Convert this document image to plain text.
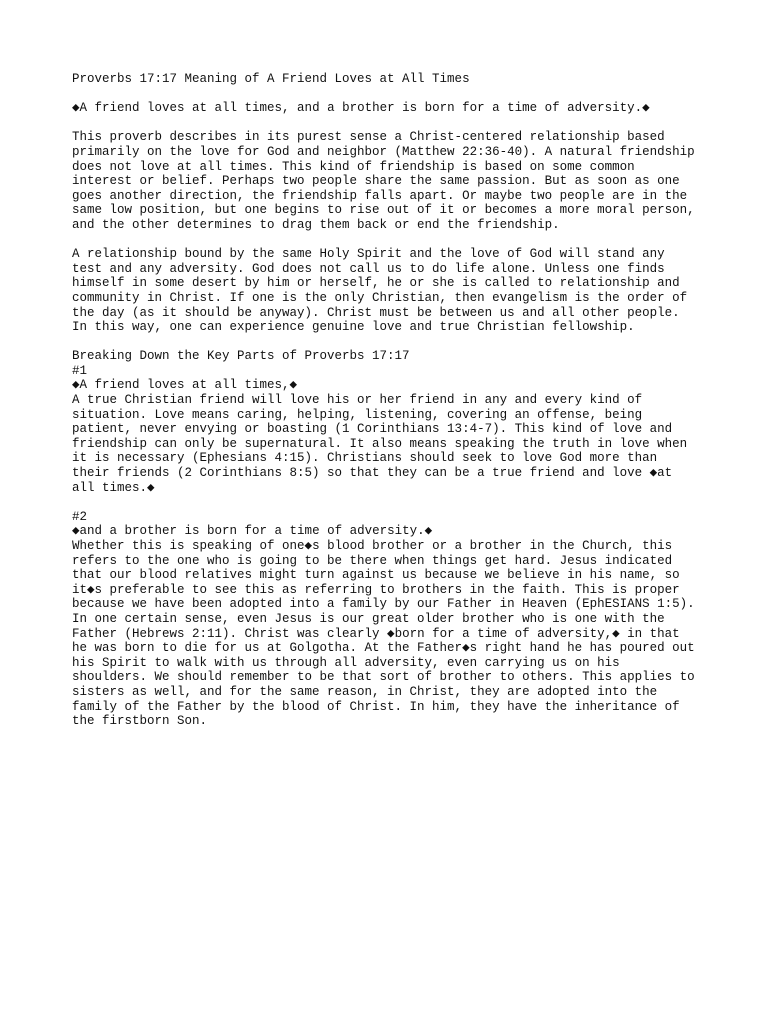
Proverbs 17:17 Meaning of A Friend Loves at All Times
◆A friend loves at all times, and a brother is born for a time of adversity.◆
This proverb describes in its purest sense a Christ-centered relationship based
primarily on the love for God and neighbor (Matthew 22:36-40). A natural friendship
does not love at all times. This kind of friendship is based on some common
interest or belief. Perhaps two people share the same passion. But as soon as one
goes another direction, the friendship falls apart. Or maybe two people are in the
same low position, but one begins to rise out of it or becomes a more moral person,
and the other determines to drag them back or end the friendship.
A relationship bound by the same Holy Spirit and the love of God will stand any
test and any adversity. God does not call us to do life alone. Unless one finds
himself in some desert by him or herself, he or she is called to relationship and
community in Christ. If one is the only Christian, then evangelism is the order of
the day (as it should be anyway). Christ must be between us and all other people.
In this way, one can experience genuine love and true Christian fellowship.
Breaking Down the Key Parts of Proverbs 17:17
#1
◆A friend loves at all times,◆
A true Christian friend will love his or her friend in any and every kind of
situation. Love means caring, helping, listening, covering an offense, being
patient, never envying or boasting (1 Corinthians 13:4-7). This kind of love and
friendship can only be supernatural. It also means speaking the truth in love when
it is necessary (Ephesians 4:15). Christians should seek to love God more than
their friends (2 Corinthians 8:5) so that they can be a true friend and love ◆at
all times.◆
#2
◆and a brother is born for a time of adversity.◆
Whether this is speaking of one◆s blood brother or a brother in the Church, this
refers to the one who is going to be there when things get hard. Jesus indicated
that our blood relatives might turn against us because we believe in his name, so
it◆s preferable to see this as referring to brothers in the faith. This is proper
because we have been adopted into a family by our Father in Heaven (EphESIANS 1:5).
In one certain sense, even Jesus is our great older brother who is one with the
Father (Hebrews 2:11). Christ was clearly ◆born for a time of adversity,◆ in that
he was born to die for us at Golgotha. At the Father◆s right hand he has poured out
his Spirit to walk with us through all adversity, even carrying us on his
shoulders. We should remember to be that sort of brother to others. This applies to
sisters as well, and for the same reason, in Christ, they are adopted into the
family of the Father by the blood of Christ. In him, they have the inheritance of
the firstborn Son.
